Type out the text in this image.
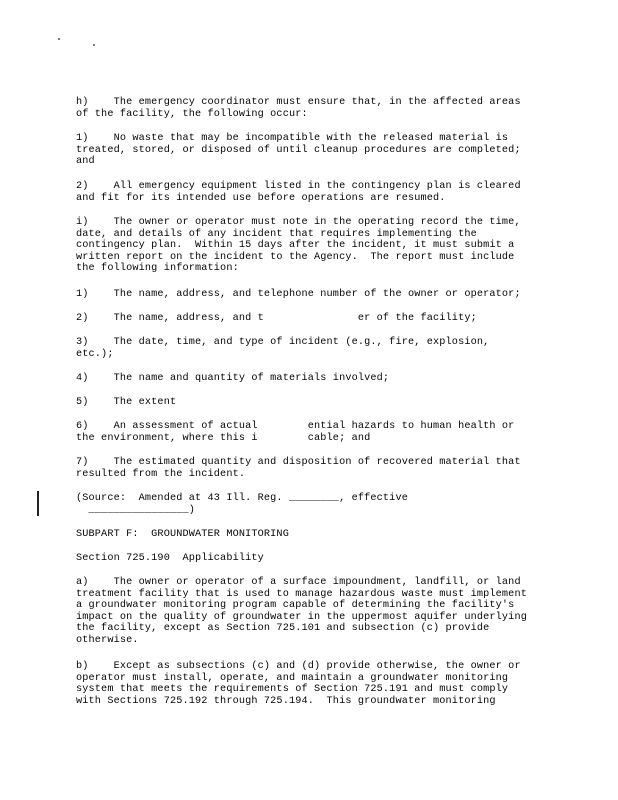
h)    The emergency coordinator must ensure that, in the affected areas
of the facility, the following occur:

1)    No waste that may be incompatible with the released material is
treated, stored, or disposed of until cleanup procedures are completed;
and

2)    All emergency equipment listed in the contingency plan is cleared
and fit for its intended use before operations are resumed.

i)    The owner or operator must note in the operating record the time,
date, and details of any incident that requires implementing the
contingency plan.  Within 15 days after the incident, it must submit a
written report on the incident to the Agency.  The report must include
the following information:

1)    The name, address, and telephone number of the owner or operator;

2)    The name, address, and t               er of the facility;

3)    The date, time, and type of incident (e.g., fire, explosion,
etc.);

4)    The name and quantity of materials involved;

5)    The extent

6)    An assessment of actual        ential hazards to human health or
the environment, where this i        cable; and

7)    The estimated quantity and disposition of recovered material that
resulted from the incident.

(Source:  Amended at 43 Ill. Reg. ________, effective
________________)

SUBPART F:  GROUNDWATER MONITORING

Section 725.190  Applicability

a)    The owner or operator of a surface impoundment, landfill, or land
treatment facility that is used to manage hazardous waste must implement
a groundwater monitoring program capable of determining the facility's
impact on the quality of groundwater in the uppermost aquifer underlying
the facility, except as Section 725.101 and subsection (c) provide
otherwise.

b)    Except as subsections (c) and (d) provide otherwise, the owner or
operator must install, operate, and maintain a groundwater monitoring
system that meets the requirements of Section 725.191 and must comply
with Sections 725.192 through 725.194.  This groundwater monitoring
